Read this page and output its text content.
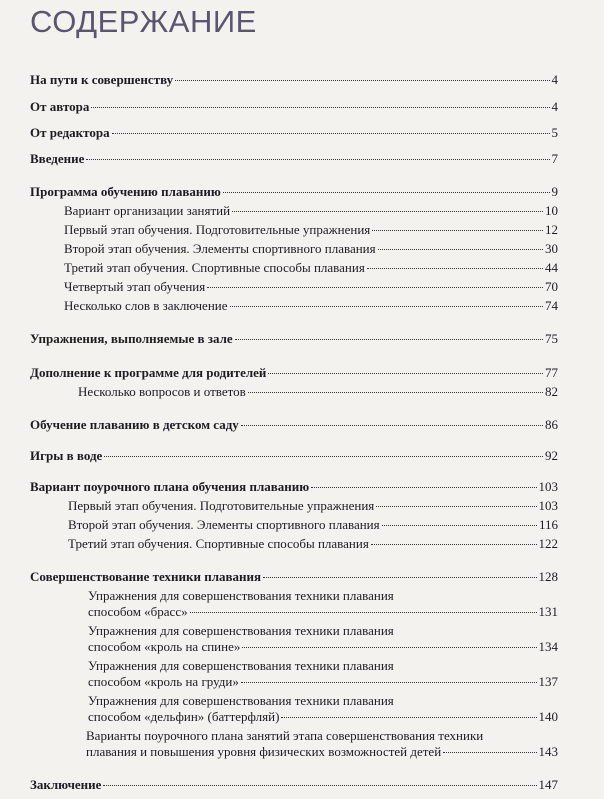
СОДЕРЖАНИЕ
На пути к совершенству	4
От автора	4
От редактора	5
Введение	7
Программа обучению плаванию	9
Вариант организации занятий	10
Первый этап обучения. Подготовительные упражнения	12
Второй этап обучения. Элементы спортивного плавания	30
Третий этап обучения. Спортивные способы плавания	44
Четвертый этап обучения	70
Несколько слов в заключение	74
Упражнения, выполняемые в зале	75
Дополнение к программе для родителей	77
Несколько вопросов и ответов	82
Обучение плаванию в детском саду	86
Игры в воде	92
Вариант поурочного плана обучения плаванию	103
Первый этап обучения. Подготовительные упражнения	103
Второй этап обучения. Элементы спортивного плавания	116
Третий этап обучения. Спортивные способы плавания	122
Совершенствование техники плавания	128
Упражнения для совершенствования техники плавания
способом «брасс»	131
Упражнения для совершенствования техники плавания
способом «кроль на спине»	134
Упражнения для совершенствования техники плавания
способом «кроль на груди»	137
Упражнения для совершенствования техники плавания
способом «дельфин» (баттерфляй)	140
Варианты поурочного плана занятий этапа совершенствования техники
плавания и повышения уровня физических возможностей детей	143
Заключение	147
